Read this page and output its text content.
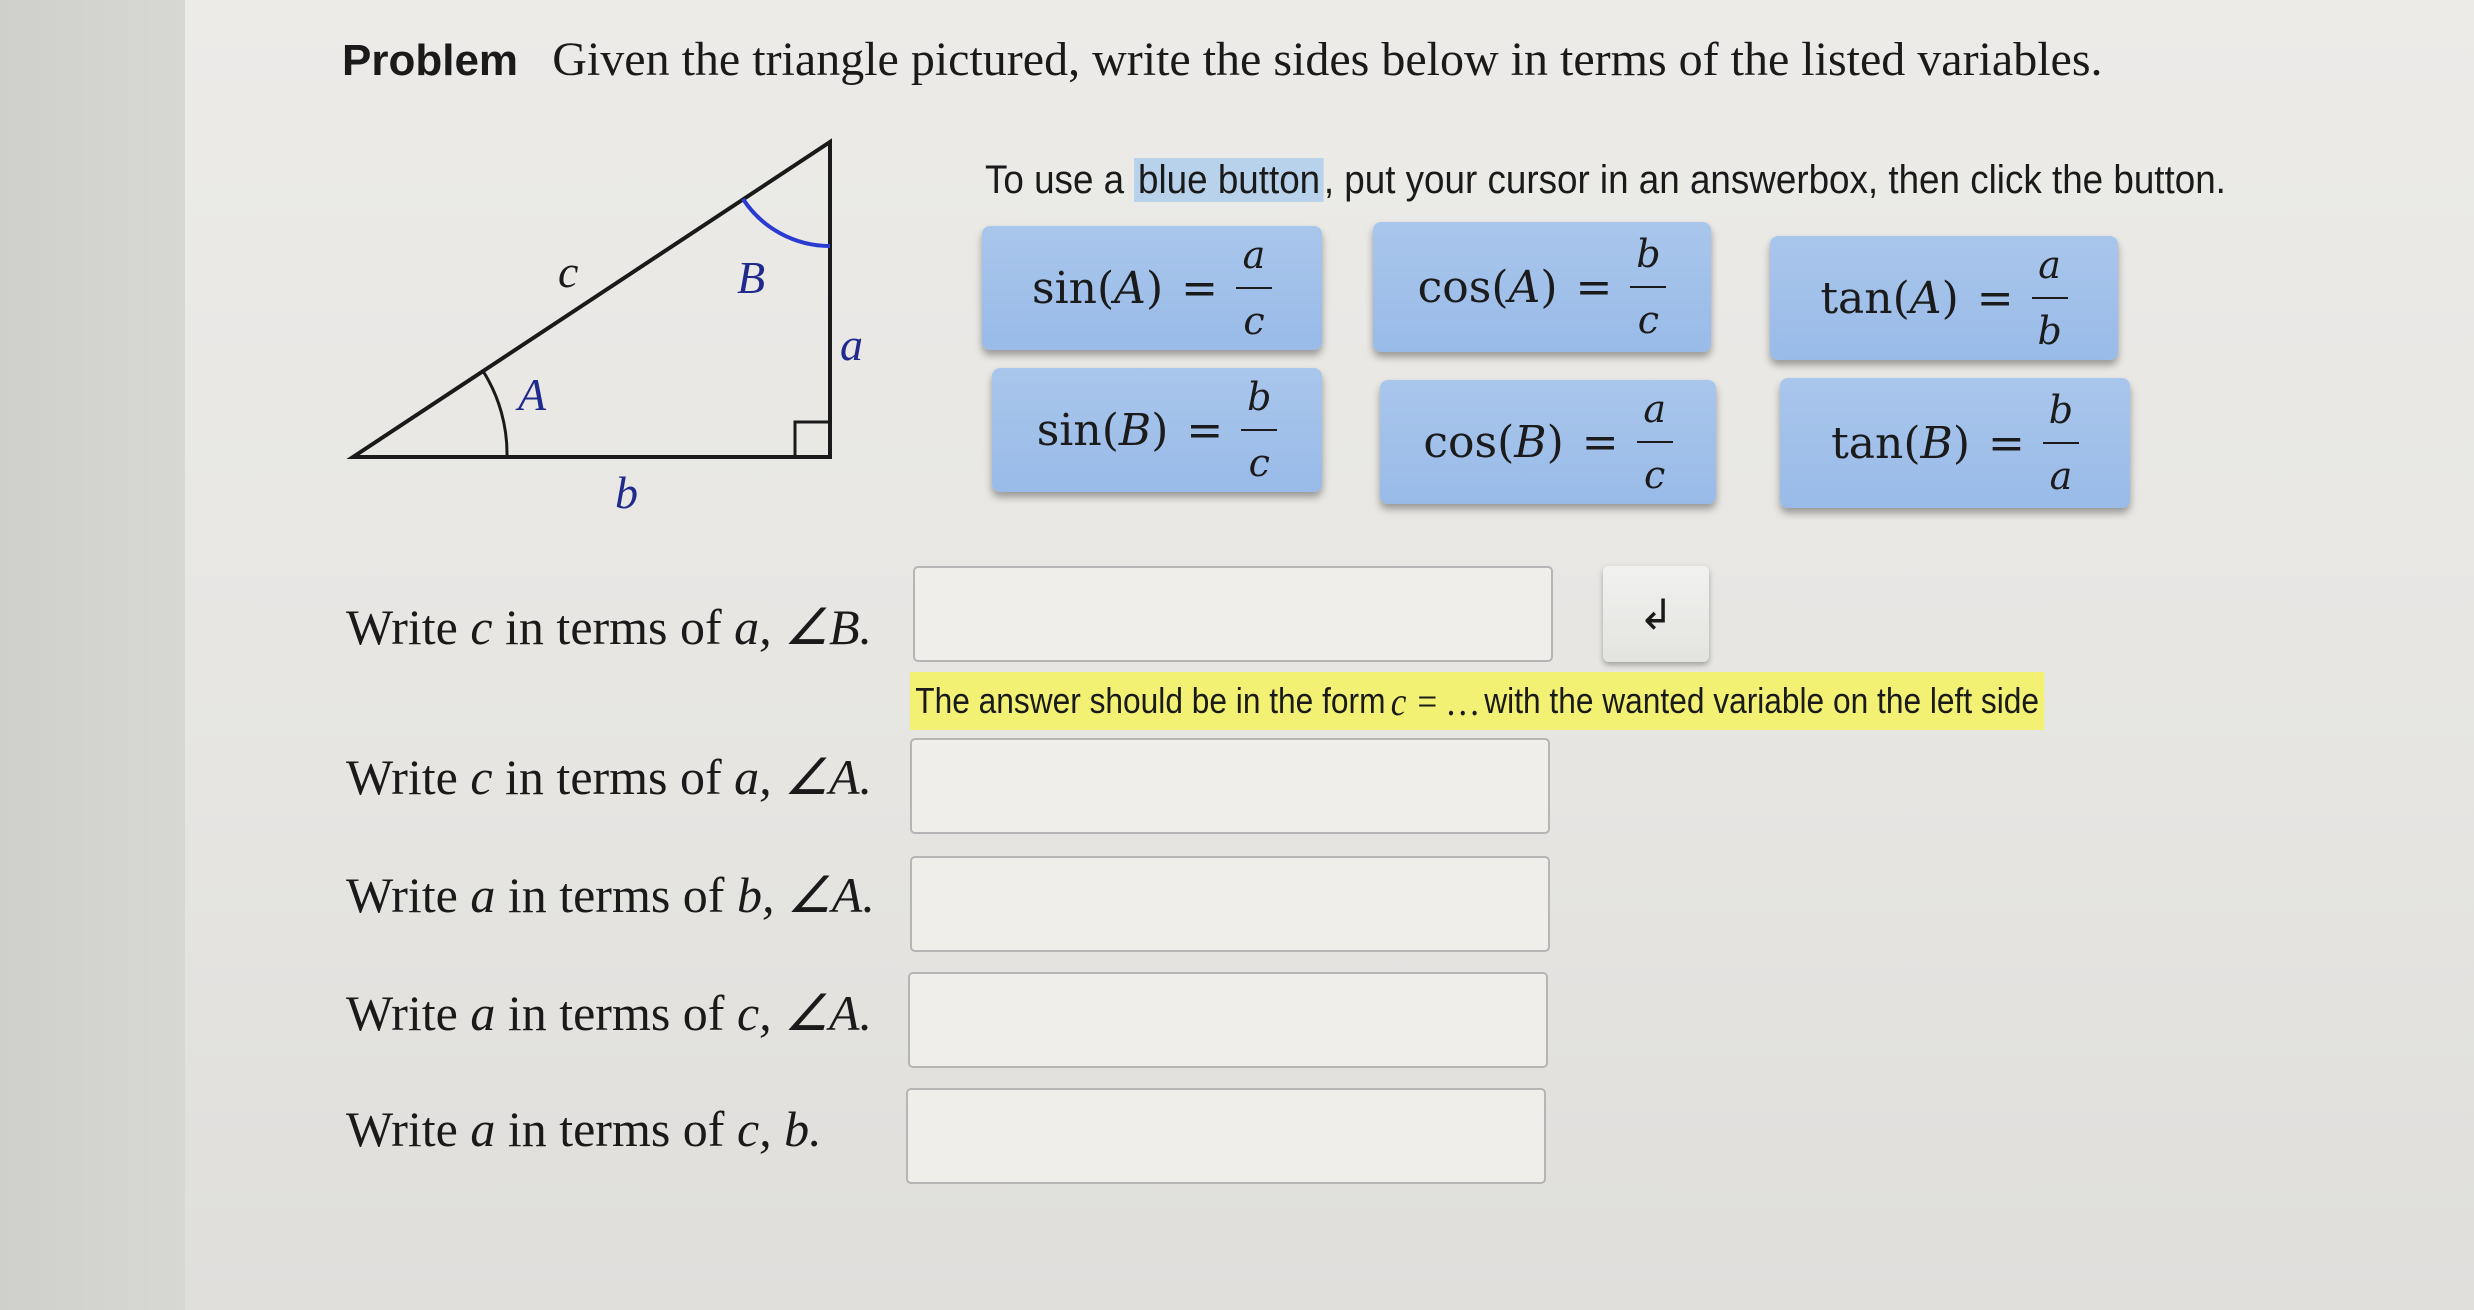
Problem Given the triangle pictured, write the sides below in terms of the listed variables.
c	B
a
A
b
To use a blue button, put your cursor in an answerbox, then click the button.
$\sin(A) = \frac{a}{c}$	$\cos(A) = \frac{b}{c}$	$\tan(A) = \frac{a}{b}$
$\sin(B) = \frac{b}{c}$	$\cos(B) = \frac{a}{c}$	$\tan(B) = \frac{b}{a}$
Write c in terms of a, ∠B.	↲
The answer should be in the form c = … with the wanted variable on the left side
Write c in terms of a, ∠A.
Write a in terms of b, ∠A.
Write a in terms of c, ∠A.
Write a in terms of c, b.
